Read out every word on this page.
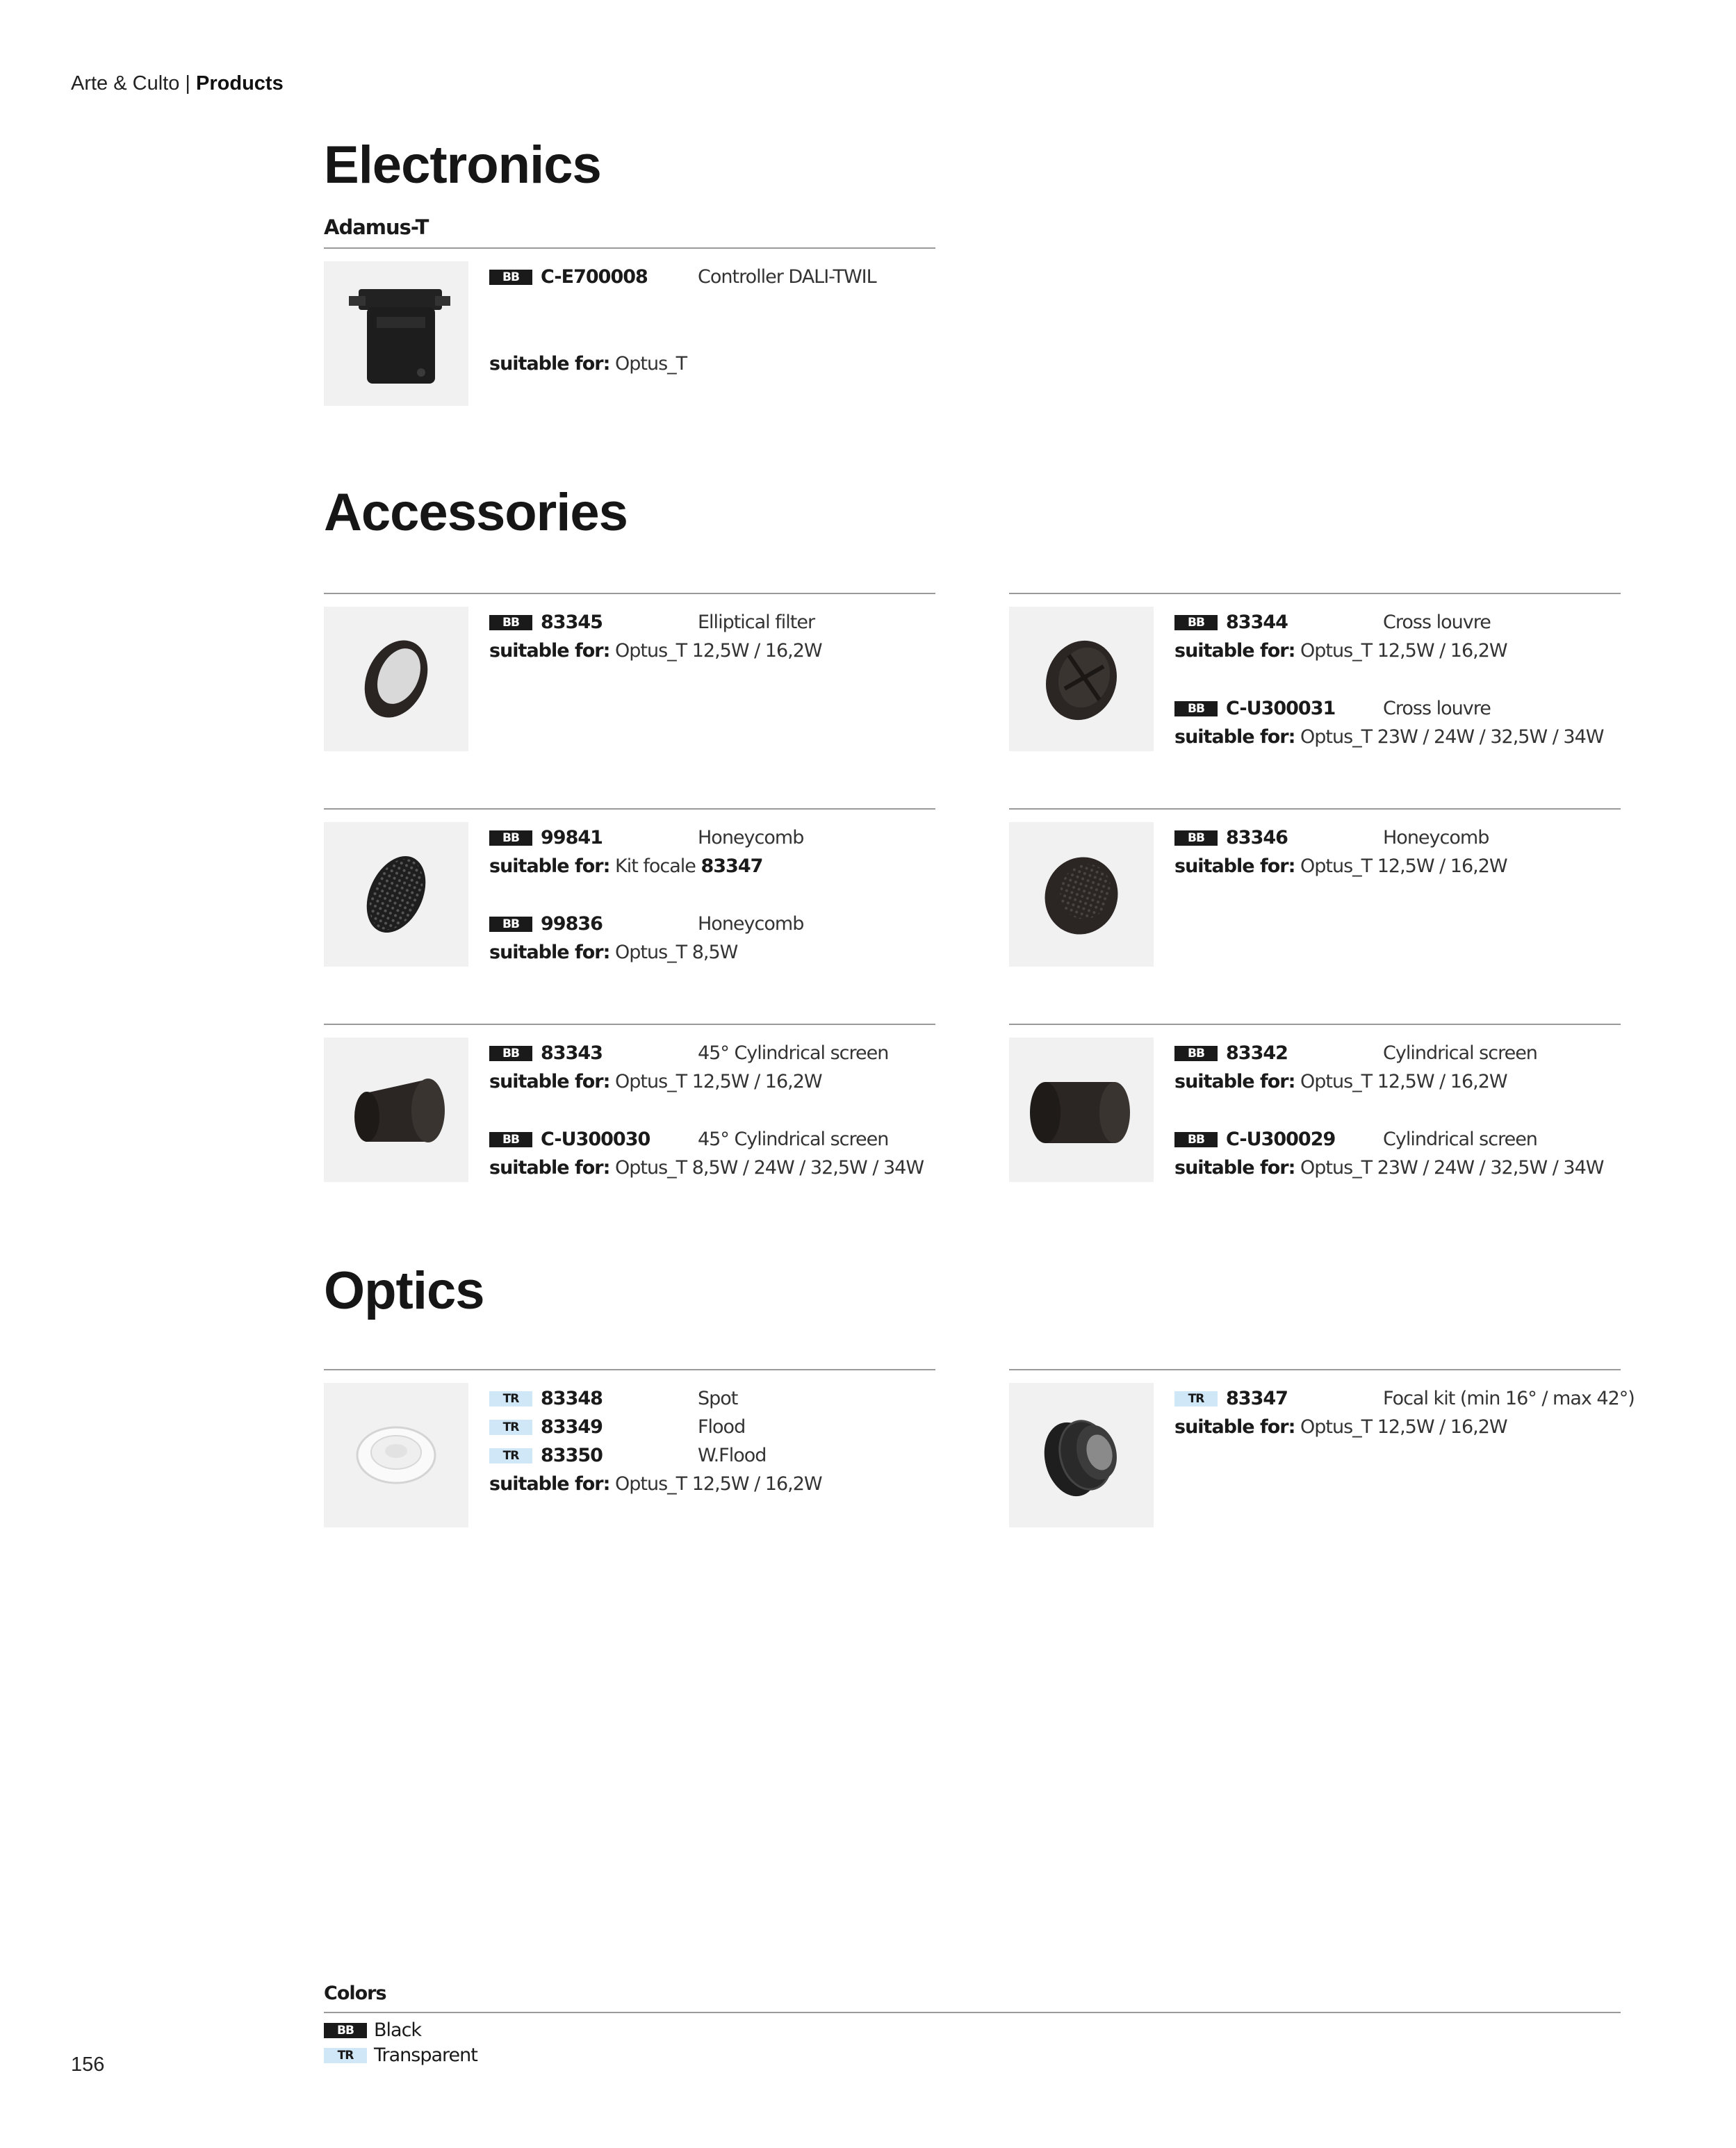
Arte & Culto | Products
Electronics
Adamus-T
BB C-E700008	Controller DALI-TWIL
suitable for: Optus_T
Accessories
BB 83345	Elliptical filter
suitable for: Optus_T 12,5W / 16,2W
BB 83344	Cross louvre
suitable for: Optus_T 12,5W / 16,2W
BB C-U300031	Cross louvre
suitable for: Optus_T 23W / 24W / 32,5W / 34W
BB 99841	Honeycomb
suitable for: Kit focale 83347
BB 99836	Honeycomb
suitable for: Optus_T 8,5W
BB 83346	Honeycomb
suitable for: Optus_T 12,5W / 16,2W
BB 83343	45° Cylindrical screen
suitable for: Optus_T 12,5W / 16,2W
BB C-U300030	45° Cylindrical screen
suitable for: Optus_T 8,5W / 24W / 32,5W / 34W
BB 83342	Cylindrical screen
suitable for: Optus_T 12,5W / 16,2W
BB C-U300029	Cylindrical screen
suitable for: Optus_T 23W / 24W / 32,5W / 34W
Optics
TR 83348	Spot
TR 83349	Flood
TR 83350	W.Flood
suitable for: Optus_T 12,5W / 16,2W
TR 83347	Focal kit (min 16° / max 42°)
suitable for: Optus_T 12,5W / 16,2W
Colors
BB Black
TR Transparent
156
